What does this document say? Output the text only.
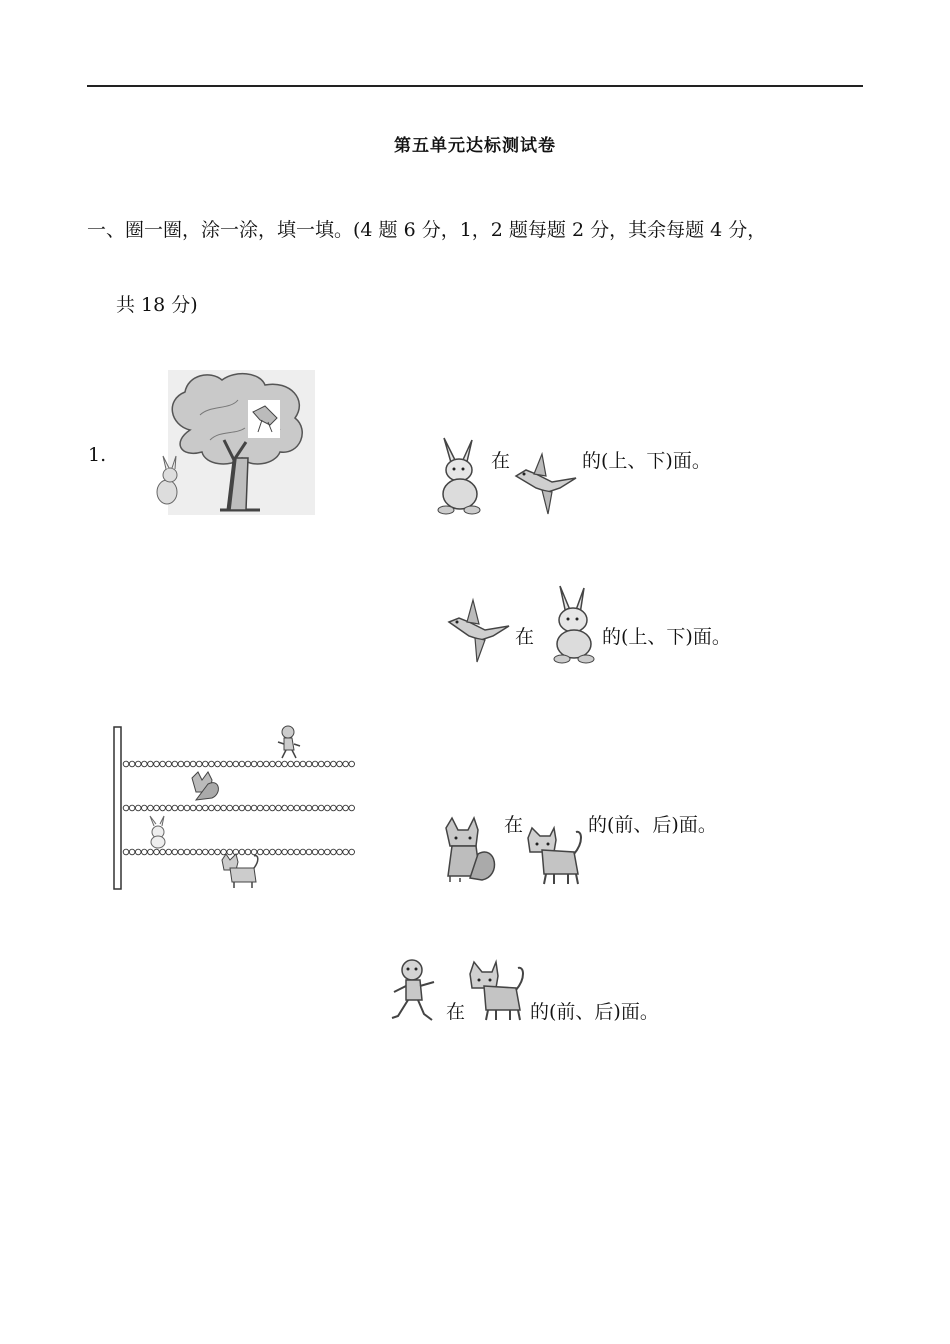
第五单元达标测试卷
一、圈一圈，涂一涂，填一填。(4 题 6 分，1，2 题每题 2 分，其余每题 4 分，
共 18 分)
1.	在	的(上、下)面。
在	的(上、下)面。
在	的(前、后)面。
在	的(前、后)面。
